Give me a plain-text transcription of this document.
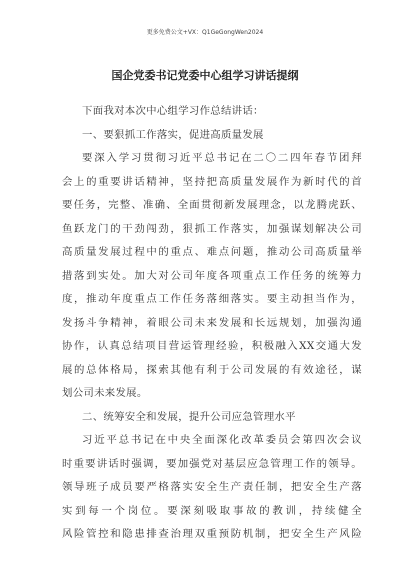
更多免费公文+VX：Q1GeGongWen2024
国企党委书记党委中心组学习讲话提纲
下面我对本次中心组学习作总结讲话：
一、要狠抓工作落实，促进高质量发展
要深入学习贯彻习近平总书记在二〇二四年春节团拜
会上的重要讲话精神，坚持把高质量发展作为新时代的首
要任务，完整、准确、全面贯彻新发展理念，以龙腾虎跃、
鱼跃龙门的干劲闯劲，狠抓工作落实，加强谋划解决公司
高质量发展过程中的重点、难点问题，推动公司高质量举
措落到实处。加大对公司年度各项重点工作任务的统筹力
度，推动年度重点工作任务落细落实。要主动担当作为，
发扬斗争精神，着眼公司未来发展和长远规划，加强沟通
协作，认真总结项目营运管理经验，积极融入XX交通大发
展的总体格局，探索其他有利于公司发展的有效途径，谋
划公司未来发展。
二、统筹安全和发展，提升公司应急管理水平
习近平总书记在中央全面深化改革委员会第四次会议
时重要讲话时强调，要加强党对基层应急管理工作的领导。
领导班子成员要严格落实安全生产责任制，把安全生产落
实到每一个岗位。要深刻吸取事故的教训，持续健全
风险管控和隐患排查治理双重预防机制，把安全生产风险
